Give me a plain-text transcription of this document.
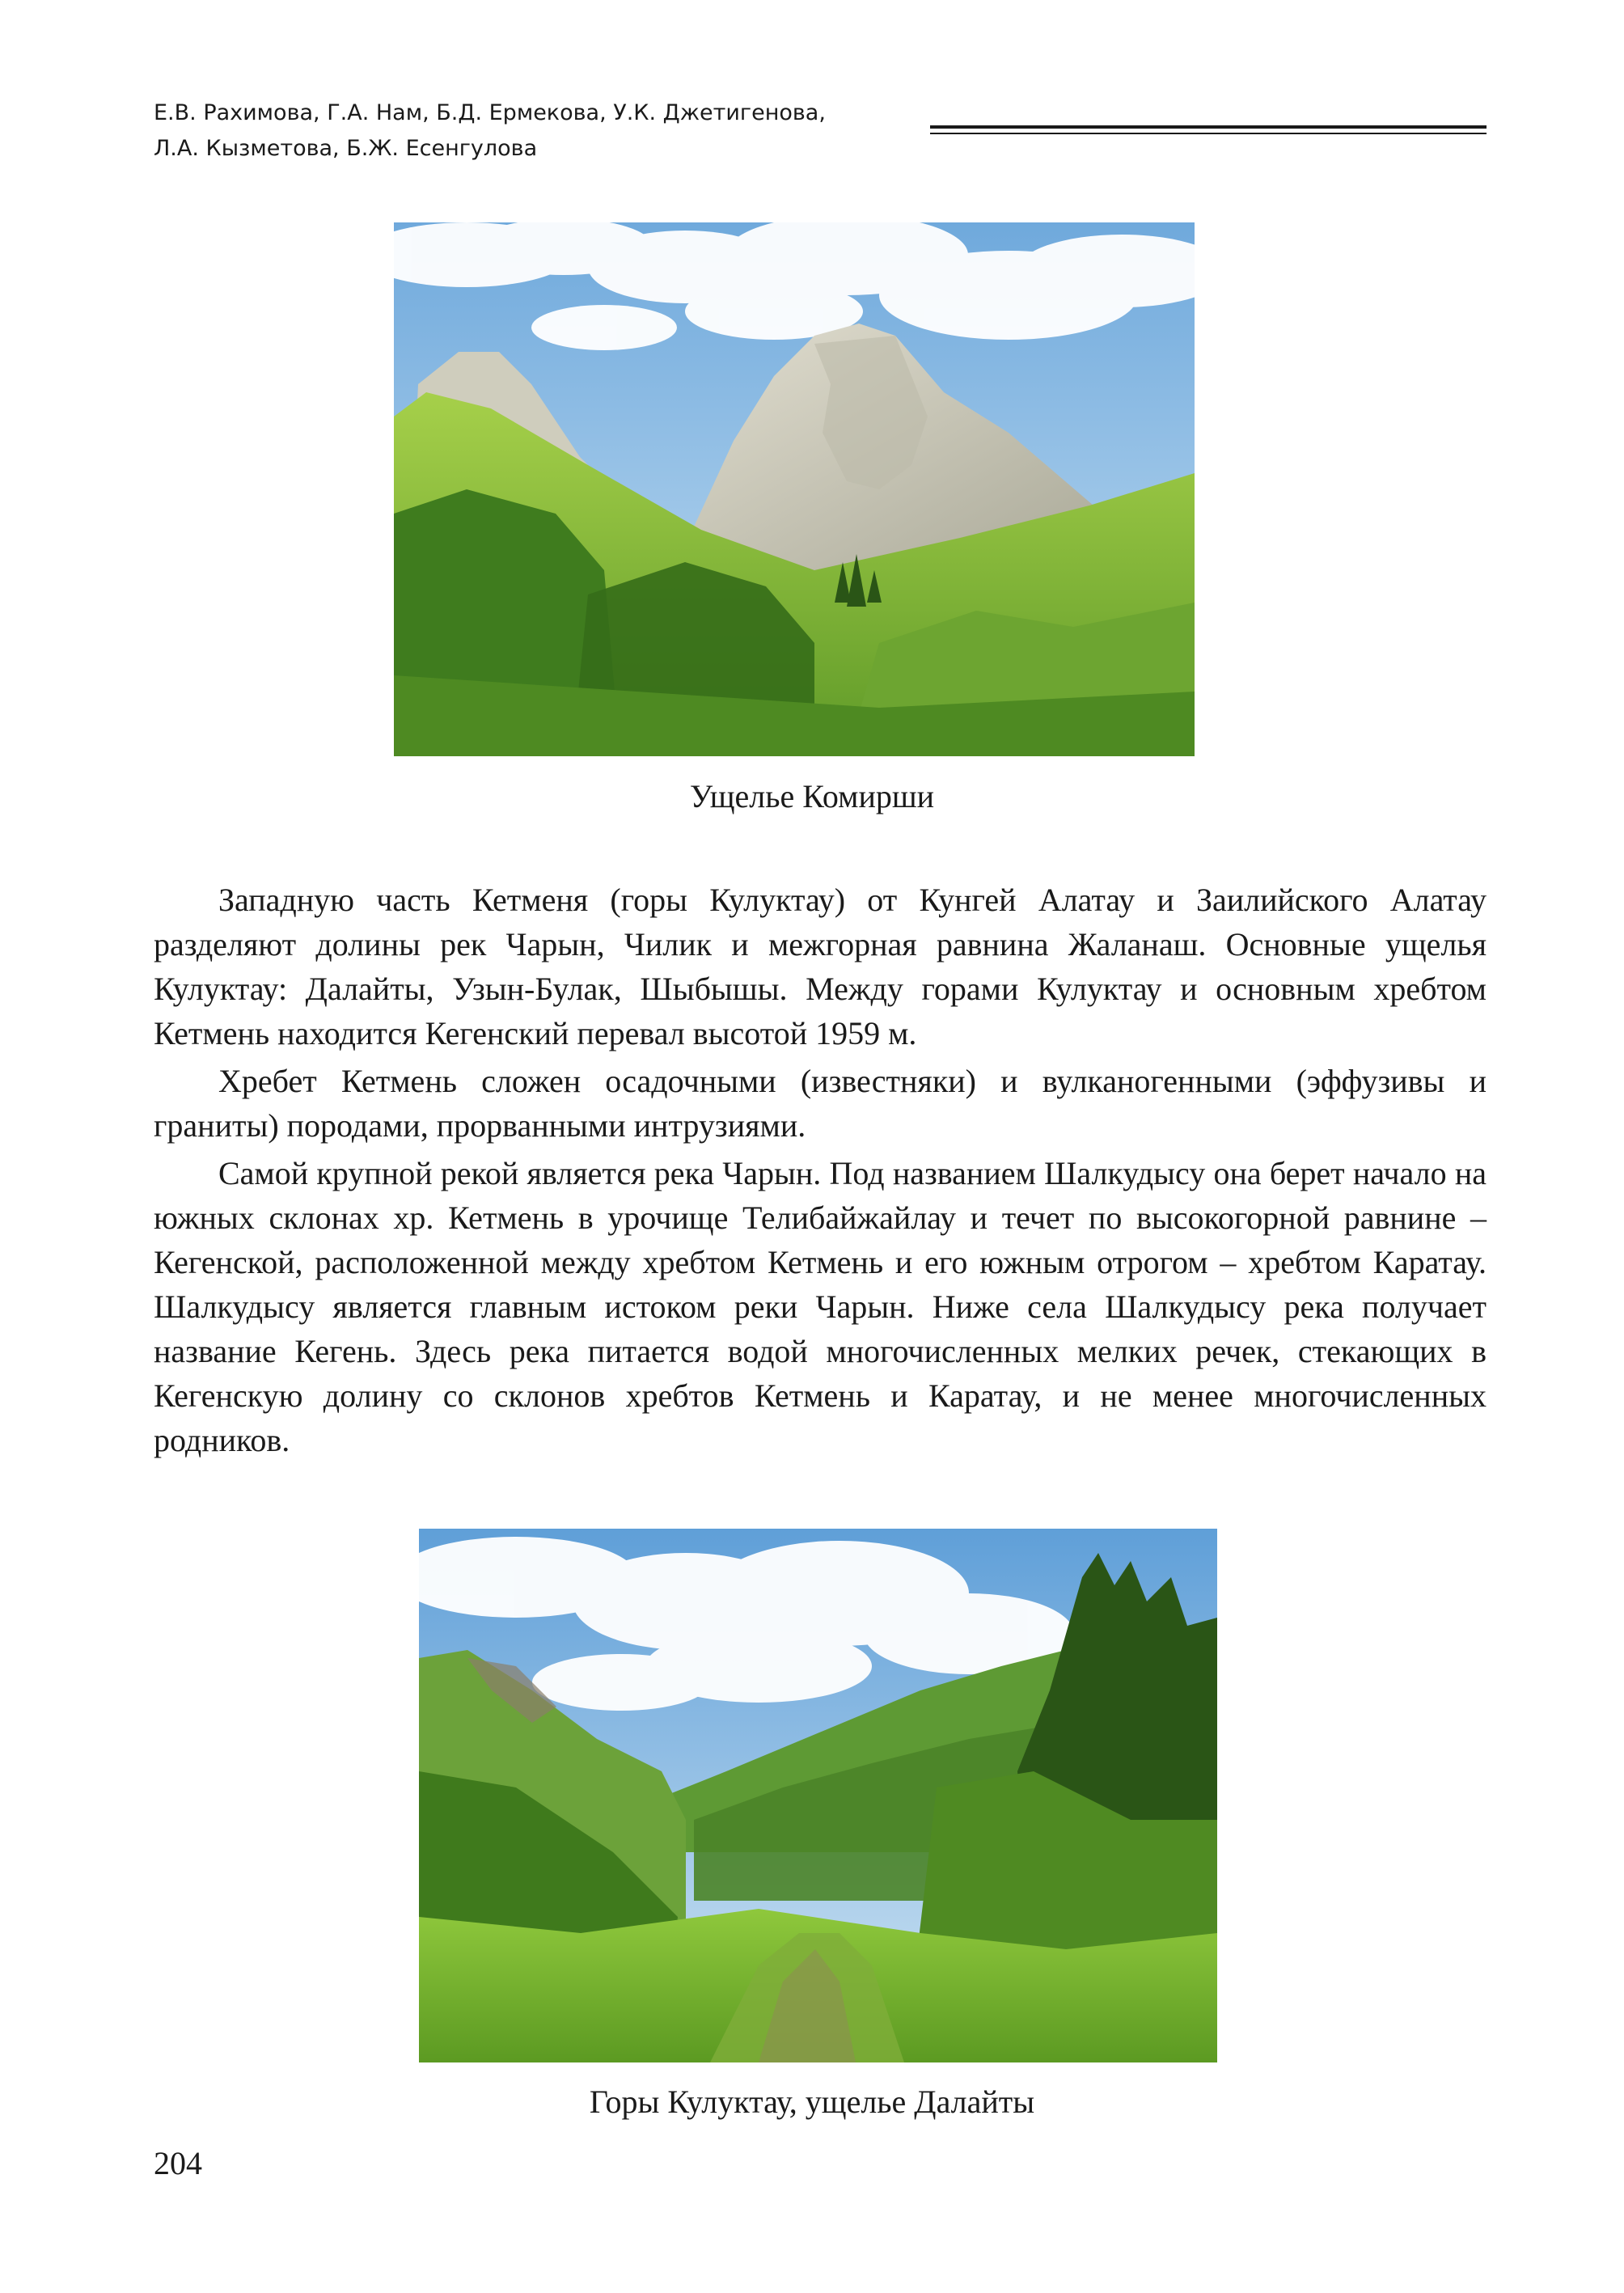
Е.В. Рахимова, Г.А. Нам, Б.Д. Ермекова, У.К. Джетигенова,
Л.А. Кызметова, Б.Ж. Есенгулова
Ущелье Комирши

Западную часть Кетменя (горы Кулуктау) от Кунгей Алатау и Заилийского Алатау разделяют долины рек Чарын, Чилик и межгорная равнина Жаланаш. Основные ущелья Кулуктау: Далайты, Узын-Булак, Шыбышы. Между горами Кулуктау и основным хребтом Кетмень находится Кегенский перевал высотой 1959 м.

Хребет Кетмень сложен осадочными (известняки) и вулканогенными (эффузивы и граниты) породами, прорванными интрузиями.

Самой крупной рекой является река Чарын. Под названием Шалкудысу она берет начало на южных склонах хр. Кетмень в урочище Телибайжайлау и течет по высокогорной равнине – Кегенской, расположенной между хребтом Кетмень и его южным отрогом – хребтом Каратау. Шалкудысу является главным истоком реки Чарын. Ниже села Шалкудысу река получает название Кегень. Здесь река питается водой многочисленных мелких речек, стекающих в Кегенскую долину со склонов хребтов Кетмень и Каратау, и не менее многочисленных родников.

Горы Кулуктау, ущелье Далайты
204
